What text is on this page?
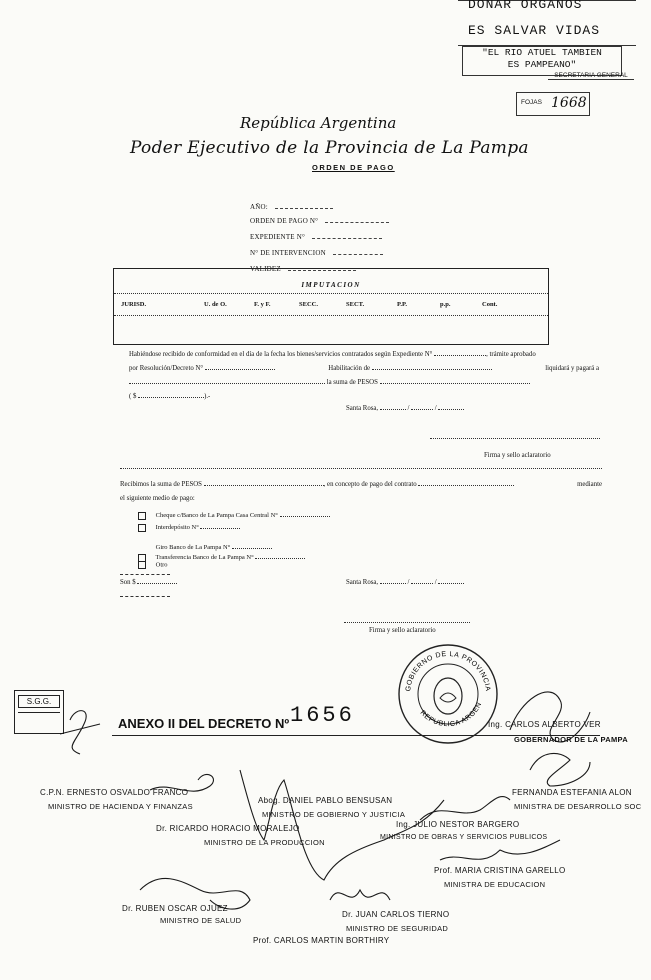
DONAR ORGANOS
ES SALVAR VIDAS
"EL RIO ATUEL TAMBIEN
ES PAMPEANO"
SECRETARIA GENERAL
FOJAS 1668
República Argentina
Poder Ejecutivo de la Provincia de La Pampa
ORDEN DE PAGO
AÑO:
ORDEN DE PAGO N°
EXPEDIENTE N°
N° DE INTERVENCION
VALIDEZ
IMPUTACION
JURISD.	U. de O.	F. y F.	SECC.	SECT.	P.P.	p.p.	Cont.
Habiéndose recibido de conformidad en el día de la fecha los bienes/servicios contratados según Expediente N°	, trámite aprobado
por Resolución/Decreto N°	Habilitación de	liquidará y pagará a
la suma de PESOS
( $	).-
Santa Rosa,	/	/
Firma y sello aclaratorio
Recibimos la suma de PESOS	, en concepto de pago del contrato	mediante
el siguiente medio de pago:
Cheque c/Banco de La Pampa Casa Central N°
Interdepósito N°
Giro Banco de La Pampa N°
Transferencia Banco de La Pampa N°
Otro
Son $	Santa Rosa,	/	/
Firma y sello aclaratorio
S.G.G.
ANEXO II DEL DECRETO Nº 1656
GOBIERNO DE LA PROVINCIA
REPUBLICA ARGEN
Ing. CARLOS ALBERTO VER
GOBERNADOR DE LA PAMPA
C.P.N. ERNESTO OSVALDO FRANCO
MINISTRO DE HACIENDA Y FINANZAS
Abog. DANIEL PABLO BENSUSAN
MINISTRO DE GOBIERNO Y JUSTICIA
FERNANDA ESTEFANIA ALON
MINISTRA DE DESARROLLO SOC
Dr. RICARDO HORACIO MORALEJO
MINISTRO DE LA PRODUCCION
Ing. JULIO NESTOR BARGERO
MINISTRO DE OBRAS Y SERVICIOS PUBLICOS
Prof. MARIA CRISTINA GARELLO
MINISTRA DE EDUCACION
Dr. RUBEN OSCAR OJUEZ
MINISTRO DE SALUD
Dr. JUAN CARLOS TIERNO
MINISTRO DE SEGURIDAD
Prof. CARLOS MARTIN BORTHIRY
